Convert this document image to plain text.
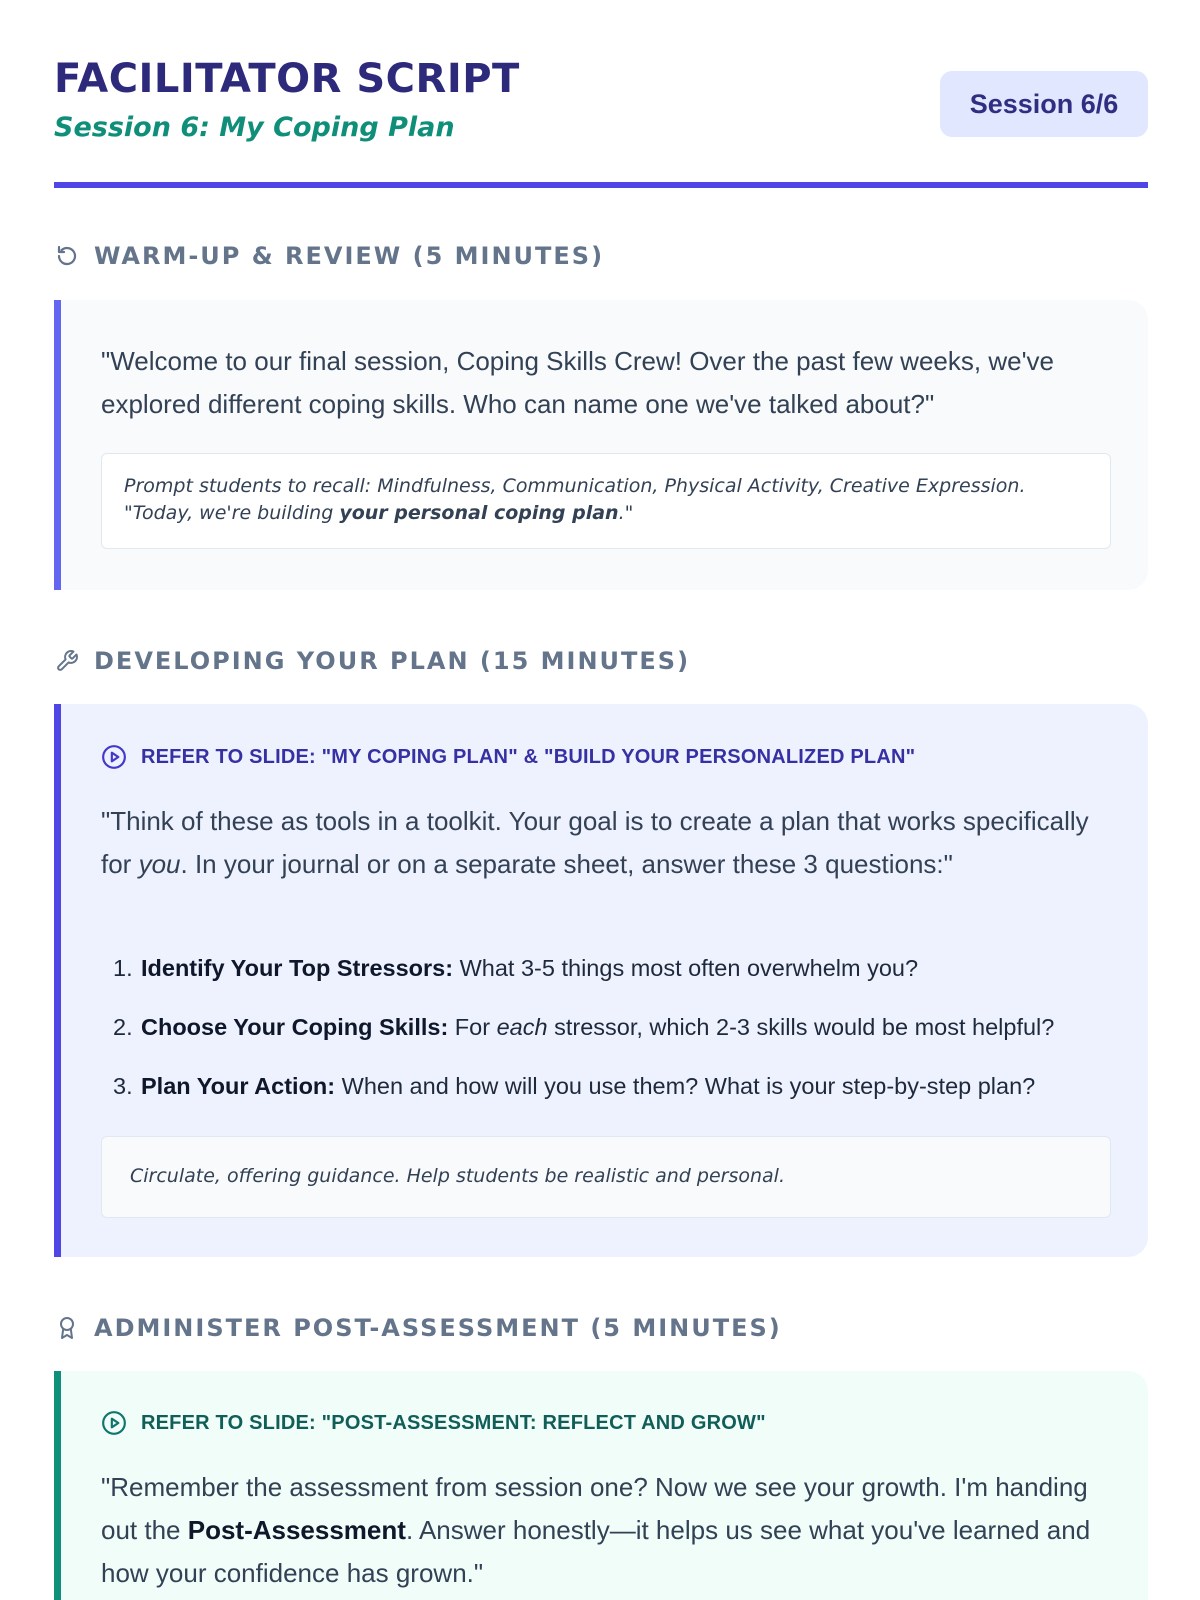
FACILITATOR SCRIPT
Session 6: My Coping Plan
Session 6/6
WARM-UP & REVIEW (5 MINUTES)
"Welcome to our final session, Coping Skills Crew! Over the past few weeks, we've explored different coping skills. Who can name one we've talked about?"
Prompt students to recall: Mindfulness, Communication, Physical Activity, Creative Expression.
"Today, we're building your personal coping plan."
DEVELOPING YOUR PLAN (15 MINUTES)
REFER TO SLIDE: "MY COPING PLAN" & "BUILD YOUR PERSONALIZED PLAN"
"Think of these as tools in a toolkit. Your goal is to create a plan that works specifically for you. In your journal or on a separate sheet, answer these 3 questions:"
1. Identify Your Top Stressors: What 3-5 things most often overwhelm you?
2. Choose Your Coping Skills: For each stressor, which 2-3 skills would be most helpful?
3. Plan Your Action: When and how will you use them? What is your step-by-step plan?
Circulate, offering guidance. Help students be realistic and personal.
ADMINISTER POST-ASSESSMENT (5 MINUTES)
REFER TO SLIDE: "POST-ASSESSMENT: REFLECT AND GROW"
"Remember the assessment from session one? Now we see your growth. I'm handing out the Post-Assessment. Answer honestly—it helps us see what you've learned and how your confidence has grown."
